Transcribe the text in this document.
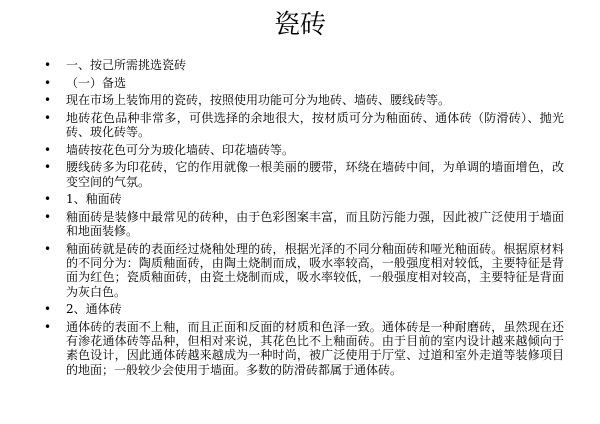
瓷砖
•	一、按己所需挑选瓷砖
•	（一）备选
•	现在市场上装饰用的瓷砖，按照使用功能可分为地砖、墙砖、腰线砖等。
•	地砖花色品种非常多，可供选择的余地很大，按材质可分为釉面砖、通体砖（防滑砖）、抛光砖、玻化砖等。
•	墙砖按花色可分为玻化墙砖、印花墙砖等。
•	腰线砖多为印花砖，它的作用就像一根美丽的腰带，环绕在墙砖中间，为单调的墙面增色，改变空间的气氛。
•	1、釉面砖
•	釉面砖是装修中最常见的砖种，由于色彩图案丰富，而且防污能力强，因此被广泛使用于墙面和地面装修。
•	釉面砖就是砖的表面经过烧釉处理的砖，根据光泽的不同分釉面砖和哑光釉面砖。根据原材料的不同分为：陶质釉面砖，由陶土烧制而成，吸水率较高，一般强度相对较低，主要特征是背面为红色；瓷质釉面砖，由瓷土烧制而成，吸水率较低，一般强度相对较高，主要特征是背面为灰白色。
•	2、通体砖
•	通体砖的表面不上釉，而且正面和反面的材质和色泽一致。通体砖是一种耐磨砖，虽然现在还有渗花通体砖等品种，但相对来说，其花色比不上釉面砖。由于目前的室内设计越来越倾向于素色设计，因此通体砖越来越成为一种时尚，被广泛使用于厅堂、过道和室外走道等装修项目的地面；一般较少会使用于墙面。多数的防滑砖都属于通体砖。
